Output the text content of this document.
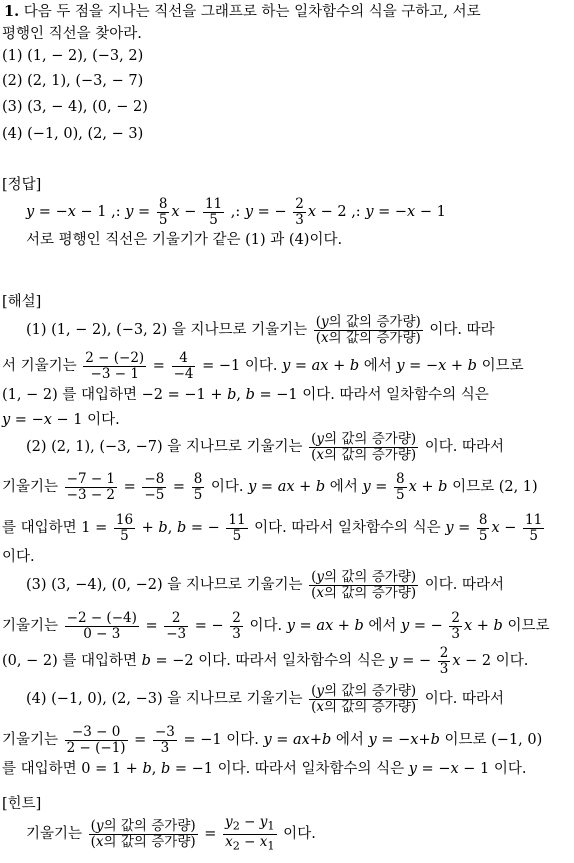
1. 다음 두 점을 지나는 직선을 그래프로 하는 일차함수의 식을 구하고, 서로
평행인 직선을 찾아라.
(1) (1, − 2), (−3, 2)
(2) (2, 1), (−3, − 7)
(3) (3, − 4), (0, − 2)
(4) (−1, 0), (2, − 3)
[정답]
y = −x − 1 ,: $y = \frac{8}{5}$ $x - \frac{11}{5}$ ,: y = − $\frac{2}{3}$ x − 2 ,: y = −x − 1
서로 평행인 직선은 기울기가 같은 (1) 과 (4)이다.
[해설]
(1) (1, − 2), (−3, 2) 을 지나므로 기울기는 $\frac{\text{(y의 값의 증가량)}}{\text{(x의 값의 증가량)}}$ 이다. 따라
서 기울기는 $\frac{2 - (-2)}{-3 - 1} = \frac{4}{-4} = -1$ 이다. y = ax + b 에서 y = −x + b 이므로
(1, − 2) 를 대입하면 −2 = −1 + b, b = −1 이다. 따라서 일차함수의 식은
y = −x − 1 이다.
(2) (2, 1), (−3, −7) 을 지나므로 기울기는 $\frac{\text{(y의 값의 증가량)}}{\text{(x의 값의 증가량)}}$ 이다. 따라서
기울기는 $\frac{-7 - 1}{-3 - 2} = \frac{-8}{-5} = \frac{8}{5}$ 이다. y = ax + b 에서 $y = \frac{8}{5}$ x + b 이므로 (2, 1)
를 대입하면 $1 = \frac{16}{5} + b$, b = − $\frac{11}{5}$ 이다. 따라서 일차함수의 식은 $y = \frac{8}{5}$ $x - \frac{11}{5}$
이다.
(3) (3, −4), (0, −2) 을 지나므로 기울기는 $\frac{\text{(y의 값의 증가량)}}{\text{(x의 값의 증가량)}}$ 이다. 따라서
기울기는 $\frac{-2 - (-4)}{0 - 3} = \frac{2}{-3}$ = − $\frac{2}{3}$ 이다. y = ax + b 에서 y = − $\frac{2}{3}$ x + b 이므로
(0, − 2) 를 대입하면 b = −2 이다. 따라서 일차함수의 식은 y = − $\frac{2}{3}$ x − 2 이다.
(4) (−1, 0), (2, −3) 을 지나므로 기울기는 $\frac{\text{(y의 값의 증가량)}}{\text{(x의 값의 증가량)}}$ 이다. 따라서
기울기는 $\frac{-3 - 0}{2 - (-1)} = \frac{-3}{3} = -1$ 이다. y = ax+b 에서 y = −x+b 이므로 (−1, 0)
를 대입하면 0 = 1 + b, b = −1 이다. 따라서 일차함수의 식은 y = −x − 1 이다.
[힌트]
기울기는 $\frac{\text{(y의 값의 증가량)}}{\text{(x의 값의 증가량)}} = \frac{y_2 - y_1}{x_2 - x_1}$ 이다.
